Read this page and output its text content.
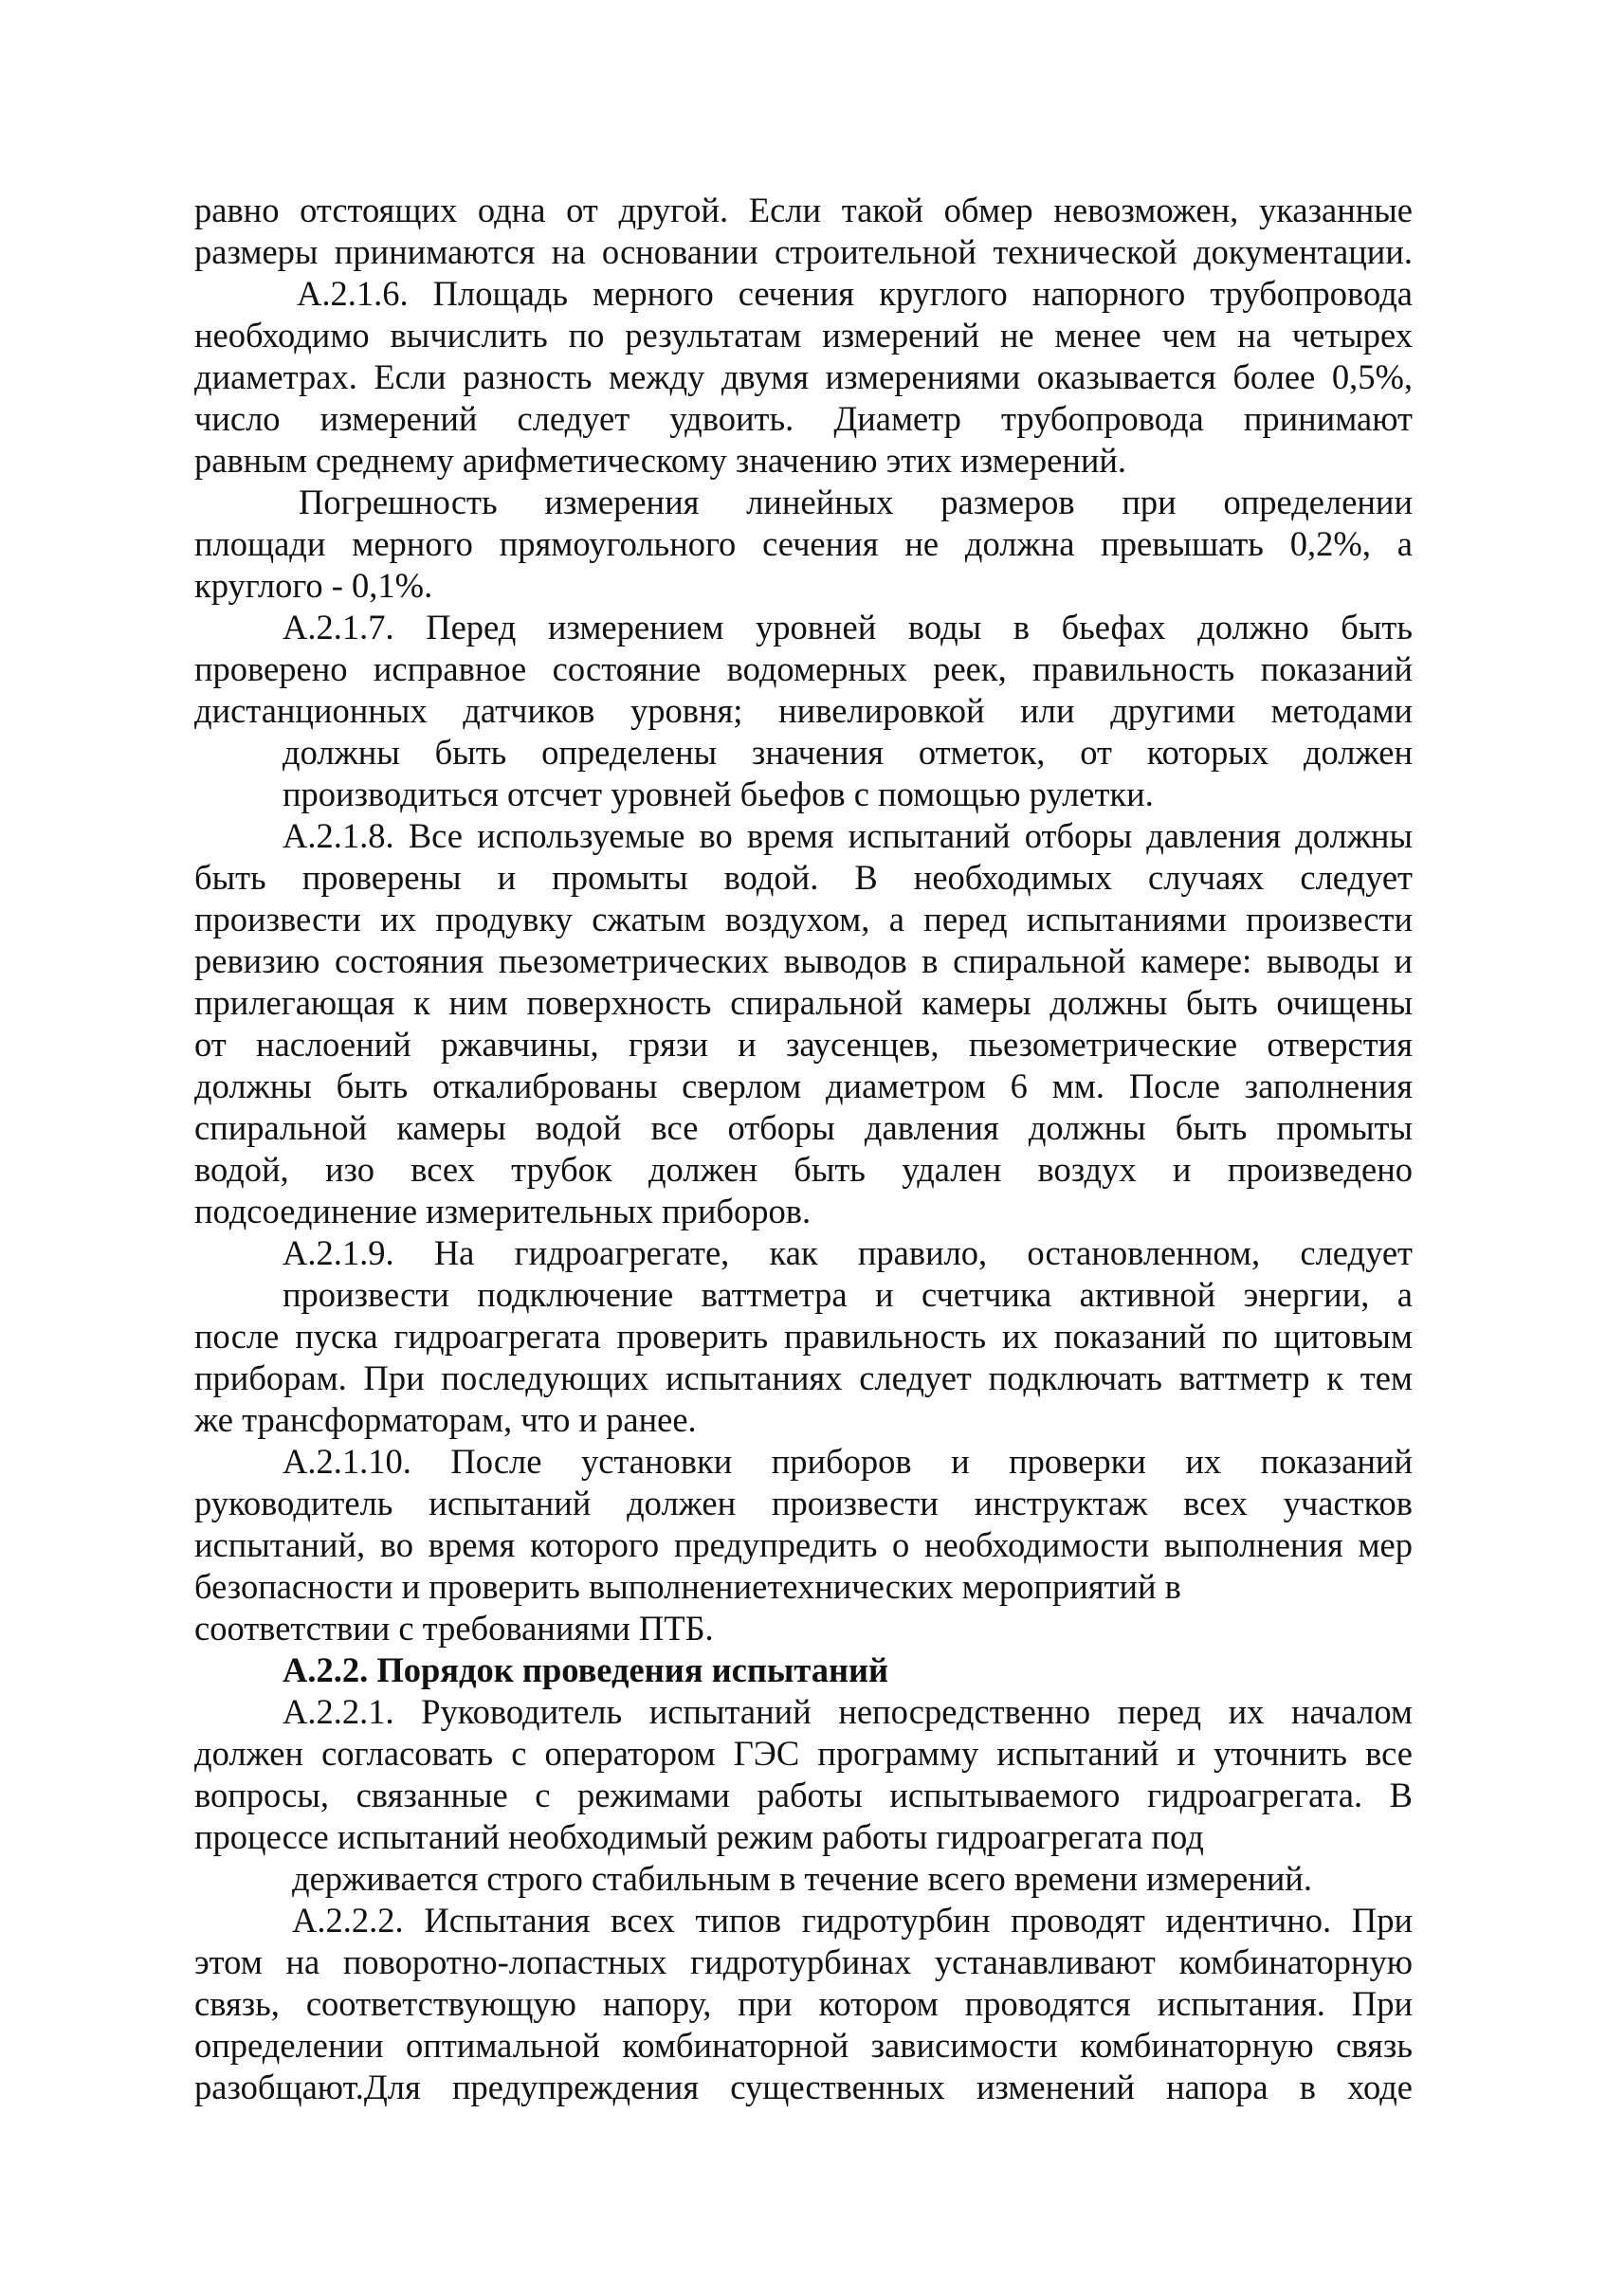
равно отстоящих одна от другой. Если такой обмер невозможен, указанные
размеры принимаются на основании строительной технической документации.
А.2.1.6. Площадь мерного сечения круглого напорного трубопровода
необходимо вычислить по результатам измерений не менее чем на четырех
диаметрах. Если разность между двумя измерениями оказывается более 0,5%,
число измерений следует удвоить. Диаметр трубопровода принимают
равным среднему арифметическому значению этих измерений.
Погрешность измерения линейных размеров при определении
площади мерного прямоугольного сечения не должна превышать 0,2%, а
круглого - 0,1%.
А.2.1.7. Перед измерением уровней воды в бьефах должно быть
проверено исправное состояние водомерных реек, правильность показаний
дистанционных датчиков уровня; нивелировкой или другими методами
должны быть определены значения отметок, от которых должен
производиться отсчет уровней бьефов с помощью рулетки.
А.2.1.8. Все используемые во время испытаний отборы давления должны
быть проверены и промыты водой. В необходимых случаях следует
произвести их продувку сжатым воздухом, а перед испытаниями произвести
ревизию состояния пьезометрических выводов в спиральной камере: выводы и
прилегающая к ним поверхность спиральной камеры должны быть очищены
от наслоений ржавчины, грязи и заусенцев, пьезометрические отверстия
должны быть откалиброваны сверлом диаметром 6 мм. После заполнения
спиральной камеры водой все отборы давления должны быть промыты
водой, изо всех трубок должен быть удален воздух и произведено
подсоединение измерительных приборов.
А.2.1.9. На гидроагрегате, как правило, остановленном, следует
произвести подключение ваттметра и счетчика активной энергии, а
после пуска гидроагрегата проверить правильность их показаний по щитовым
приборам. При последующих испытаниях следует подключать ваттметр к тем
же трансформаторам, что и ранее.
А.2.1.10. После установки приборов и проверки их показаний
руководитель испытаний должен произвести инструктаж всех участков
испытаний, во время которого предупредить о необходимости выполнения мер
безопасности и проверить выполнениетехнических мероприятий в
соответствии с требованиями ПТБ.
А.2.2. Порядок проведения испытаний
А.2.2.1. Руководитель испытаний непосредственно перед их началом
должен согласовать с оператором ГЭС программу испытаний и уточнить все
вопросы, связанные с режимами работы испытываемого гидроагрегата. В
процессе испытаний необходимый режим работы гидроагрегата под
держивается строго стабильным в течение всего времени измерений.
А.2.2.2. Испытания всех типов гидротурбин проводят идентично. При
этом на поворотно-лопастных гидротурбинах устанавливают комбинаторную
связь, соответствующую напору, при котором проводятся испытания. При
определении оптимальной комбинаторной зависимости комбинаторную связь
разобщают.Для предупреждения существенных изменений напора в ходе
